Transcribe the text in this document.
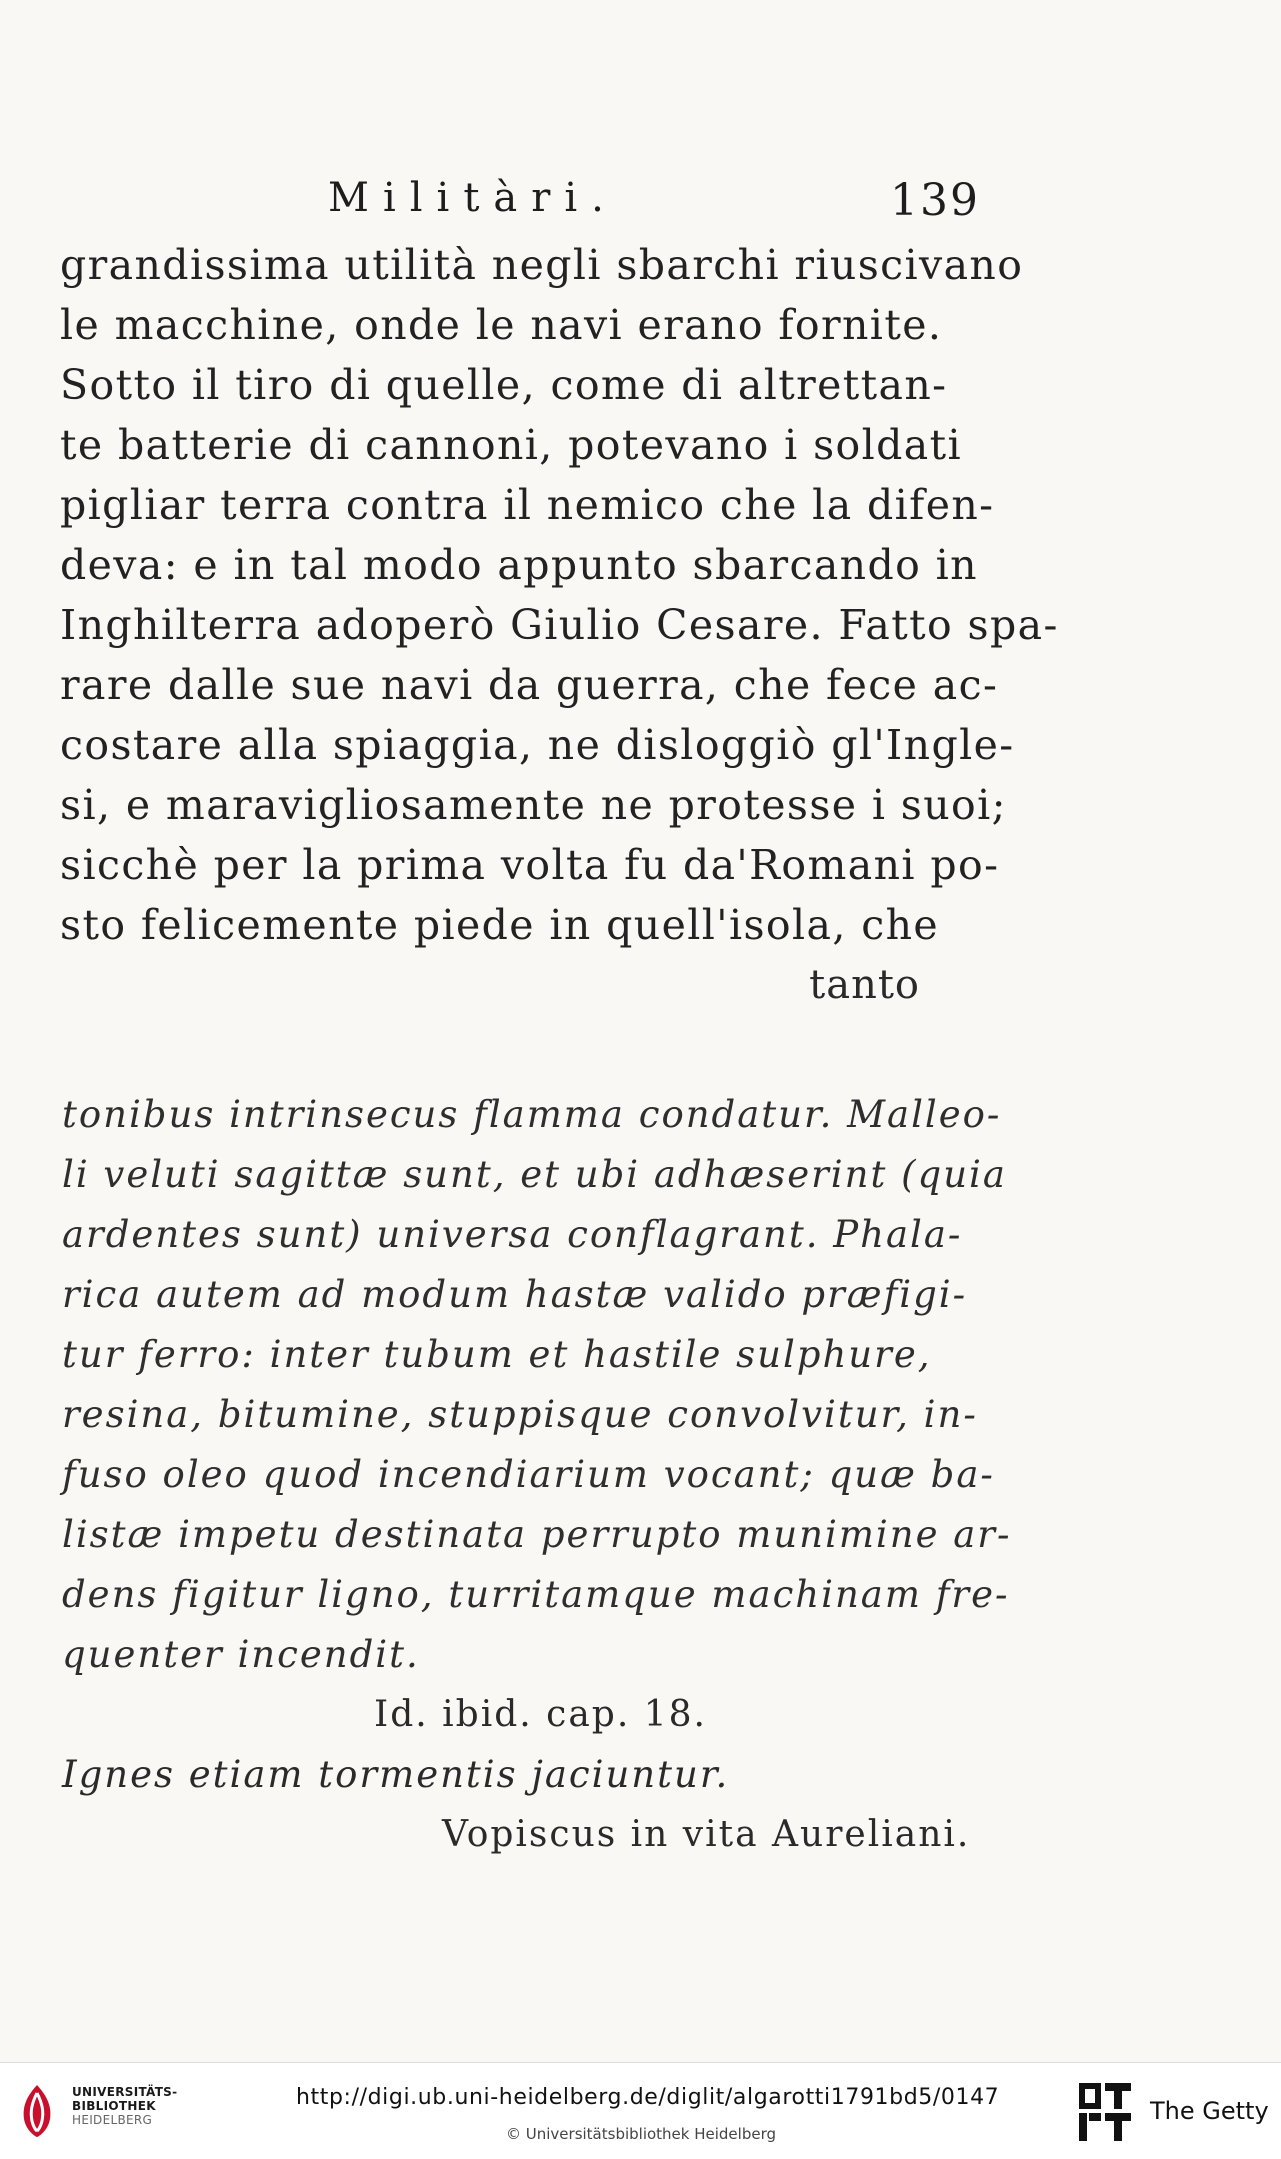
Militàri.	139
grandissima utilità negli sbarchi riuscivano
le macchine, onde le navi erano fornite.
Sotto il tiro di quelle, come di altrettan-
te batterie di cannoni, potevano i soldati
pigliar terra contra il nemico che la difen-
deva: e in tal modo appunto sbarcando in
Inghilterra adoperò Giulio Cesare. Fatto spa-
rare dalle sue navi da guerra, che fece ac-
costare alla spiaggia, ne disloggiò gl'Ingle-
si, e maravigliosamente ne protesse i suoi;
sicchè per la prima volta fu da'Romani po-
sto felicemente piede in quell'isola, che
tanto
tonibus intrinsecus flamma condatur. Malleo-
li veluti sagittæ sunt, et ubi adhæserint (quia
ardentes sunt) universa conflagrant. Phala-
rica autem ad modum hastæ valido præfigi-
tur ferro: inter tubum et hastile sulphure,
resina, bitumine, stuppisque convolvitur, in-
fuso oleo quod incendiarium vocant; quæ ba-
listæ impetu destinata perrupto munimine ar-
dens figitur ligno, turritamque machinam fre-
quenter incendit.
Id. ibid. cap. 18.
Ignes etiam tormentis jaciuntur.
Vopiscus in vita Aureliani.
UNIVERSITÄTS-
BIBLIOTHEK
HEIDELBERG
http://digi.ub.uni-heidelberg.de/diglit/algarotti1791bd5/0147
© Universitätsbibliothek Heidelberg
The Getty
